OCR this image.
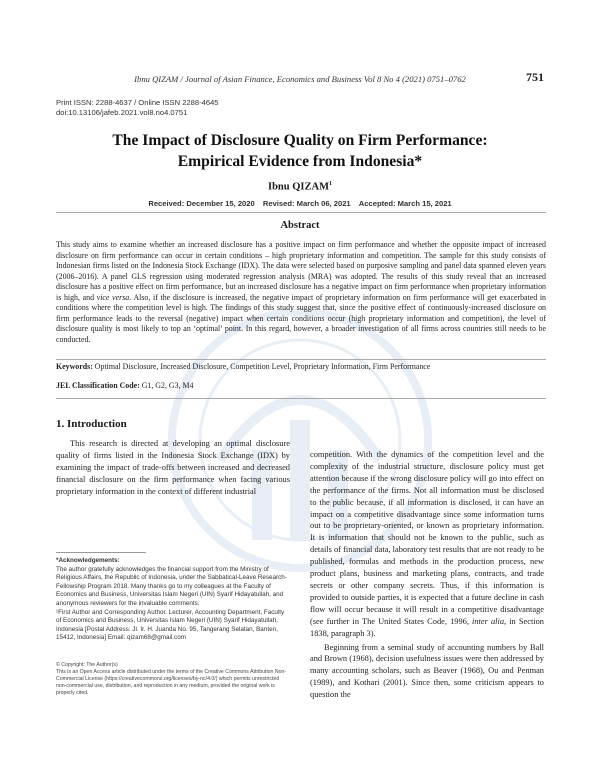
Ibnu QIZAM / Journal of Asian Finance, Economics and Business Vol 8 No 4 (2021) 0751–0762	751
Print ISSN: 2288-4637 / Online ISSN 2288-4645
doi:10.13106/jafeb.2021.vol8.no4.0751
The Impact of Disclosure Quality on Firm Performance:
Empirical Evidence from Indonesia*
Ibnu QIZAM$^1$
Received: December 15, 2020 Revised: March 06, 2021 Accepted: March 15, 2021
Abstract
This study aims to examine whether an increased disclosure has a positive impact on firm performance and whether the opposite impact of increased disclosure on firm performance can occur in certain conditions – high proprietary information and competition. The sample for this study consists of Indonesian firms listed on the Indonesia Stock Exchange (IDX). The data were selected based on purposive sampling and panel data spanned eleven years (2006–2016). A panel GLS regression using moderated regression analysis (MRA) was adopted. The results of this study reveal that an increased disclosure has a positive effect on firm performance, but an increased disclosure has a negative impact on firm performance when proprietary information is high, and vice versa. Also, if the disclosure is increased, the negative impact of proprietary information on firm performance will get exacerbated in conditions where the competition level is high. The findings of this study suggest that, since the positive effect of continuously-increased disclosure on firm performance leads to the reversal (negative) impact when certain conditions occur (high proprietary information and competition), the level of disclosure quality is most likely to top an ‘optimal’ point. In this regard, however, a broader investigation of all firms across countries still needs to be conducted.
Keywords: Optimal Disclosure, Increased Disclosure, Competition Level, Proprietary Information, Firm Performance
JEL Classification Code: G1, G2, G3, M4
1. Introduction
This research is directed at developing an optimal disclosure quality of firms listed in the Indonesia Stock Exchange (IDX) by examining the impact of trade-offs between increased and decreased financial disclosure on the firm performance when facing various proprietary information in the context of different industrial

competition. With the dynamics of the competition level and the complexity of the industrial structure, disclosure policy must get attention because if the wrong disclosure policy will go into effect on the performance of the firms. Not all information must be disclosed to the public because, if all information is disclosed, it can have an impact on a competitive disadvantage since some information turns out to be proprietary-oriented, or known as proprietary information. It is information that should not be known to the public, such as details of financial data, laboratory test results that are not ready to be published, formulas and methods in the production process, new product plans, business and marketing plans, contracts, and trade secrets or other company secrets. Thus, if this information is provided to outside parties, it is expected that a future decline in cash flow will occur because it will result in a competitive disadvantage (see further in The United States Code, 1996, inter alia, in Section 1838, paragraph 3).

Beginning from a seminal study of accounting numbers by Ball and Brown (1968), decision usefulness issues were then addressed by many accounting scholars, such as Beaver (1968), Ou and Penman (1989), and Kothari (2001). Since then, some criticism appears to question the

*Acknowledgements:
The author gratefully acknowledges the financial support from the Ministry of Religious Affairs, the Republic of Indonesia, under the Sabbatical-Leave Research-Fellowship Program 2018. Many thanks go to my colleagues at the Faculty of Economics and Business, Universitas Islam Negeri (UIN) Syarif Hidayatullah, and anonymous reviewers for the invaluable comments.
¹First Author and Corresponding Author. Lecturer, Accounting Department, Faculty of Economics and Business, Universitas Islam Negeri (UIN) Syarif Hidayatullah, Indonesia [Postal Address: Jl. Ir. H. Juanda No. 95, Tangerang Selatan, Banten, 15412, Indonesia] Email: qizam68@gmail.com
© Copyright: The Author(s)
This is an Open Access article distributed under the terms of the Creative Commons Attribution Non-Commercial License (https://creativecommons.org/licenses/by-nc/4.0/) which permits unrestricted non-commercial use, distribution, and reproduction in any medium, provided the original work is properly cited.
